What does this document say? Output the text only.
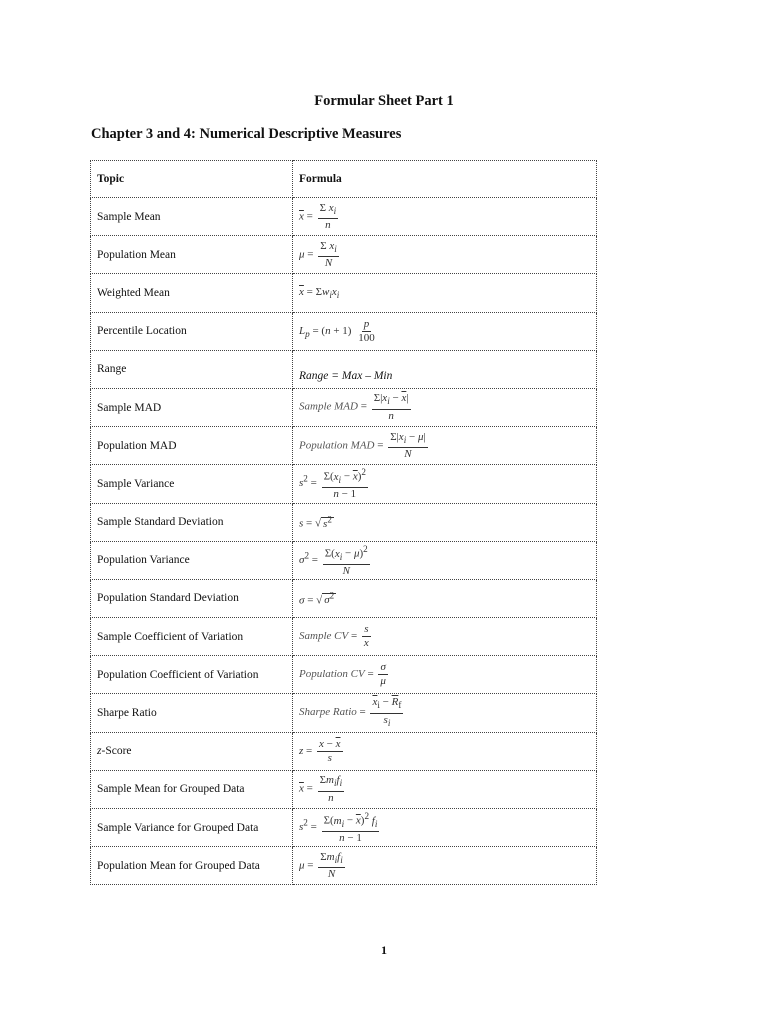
Formular Sheet Part 1
Chapter 3 and 4: Numerical Descriptive Measures
Topic	Formula
Sample Mean	$\overline{x} = \frac{\Sigma x_i}{n}$

Population Mean	$\mu = \frac{\Sigma x_i}{N}$

Weighted Mean	$\overline{x} = \Sigma w_ix_i$
Percentile Location	$L_p = (n + 1) \frac{p}{100}$

Range	Range = Max – Min
Sample MAD	Sample MAD = $\frac{\Sigma|x_i - \overline{x}|}{n}$

Population MAD	Population MAD = $\frac{\Sigma|x_i - \mu|}{N}$

Sample Variance	$s^2 = \frac{\Sigma(x_i - \overline{x})^2}{n - 1}$

Sample Standard Deviation	s = √ $s^2$
Population Variance	$\sigma^2 = \frac{\Sigma(x_i - \mu)^2}{N}$

Population Standard Deviation	σ = √ $\sigma^2$
Sample Coefficient of Variation	Sample CV = $\frac{s}{x}$

Population Coefficient of Variation	Population CV = $\frac{\sigma}{\mu}$

Sharpe Ratio	Sharpe Ratio = $\frac{\overline{x}_i - \overline{R}_f}{s_i}$

z-Score	$z = \frac{x - \overline{x}}{s}$

Sample Mean for Grouped Data	$\overline{x} = \frac{\Sigma m_if_i}{n}$

Sample Variance for Grouped Data	$s^2 = \frac{\Sigma(m_i - \overline{x})^2 f_i}{n - 1}$

Population Mean for Grouped Data	$\mu = \frac{\Sigma m_if_i}{N}$
1
